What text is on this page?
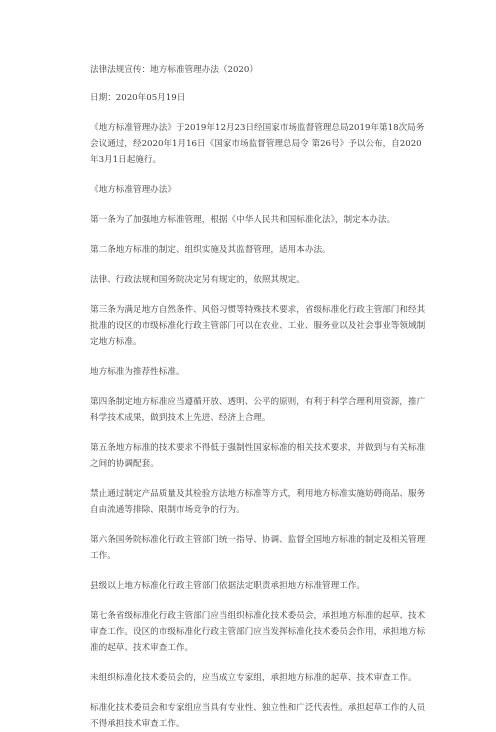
法律法规宣传：地方标准管理办法（2020）

日期：2020年05月19日

《地方标准管理办法》于2019年12月23日经国家市场监督管理总局2019年第18次局务会议通过，经2020年1月16日《国家市场监督管理总局令 第26号》予以公布，自2020年3月1日起施行。

《地方标准管理办法》

第一条为了加强地方标准管理，根据《中华人民共和国标准化法》，制定本办法。

第二条地方标准的制定、组织实施及其监督管理，适用本办法。

法律、行政法规和国务院决定另有规定的，依照其规定。

第三条为满足地方自然条件、风俗习惯等特殊技术要求，省级标准化行政主管部门和经其批准的设区的市级标准化行政主管部门可以在农业、工业、服务业以及社会事业等领域制定地方标准。

地方标准为推荐性标准。

第四条制定地方标准应当遵循开放、透明、公平的原则，有利于科学合理利用资源，推广科学技术成果，做到技术上先进、经济上合理。

第五条地方标准的技术要求不得低于强制性国家标准的相关技术要求，并做到与有关标准之间的协调配套。

禁止通过制定产品质量及其检验方法地方标准等方式，利用地方标准实施妨碍商品、服务自由流通等排除、限制市场竞争的行为。

第六条国务院标准化行政主管部门统一指导、协调、监督全国地方标准的制定及相关管理工作。

县级以上地方标准化行政主管部门依据法定职责承担地方标准管理工作。

第七条省级标准化行政主管部门应当组织标准化技术委员会，承担地方标准的起草、技术审查工作。设区的市级标准化行政主管部门应当发挥标准化技术委员会作用，承担地方标准的起草、技术审查工作。

未组织标准化技术委员会的，应当成立专家组，承担地方标准的起草、技术审查工作。

标准化技术委员会和专家组应当具有专业性、独立性和广泛代表性。承担起草工作的人员不得承担技术审查工作。
